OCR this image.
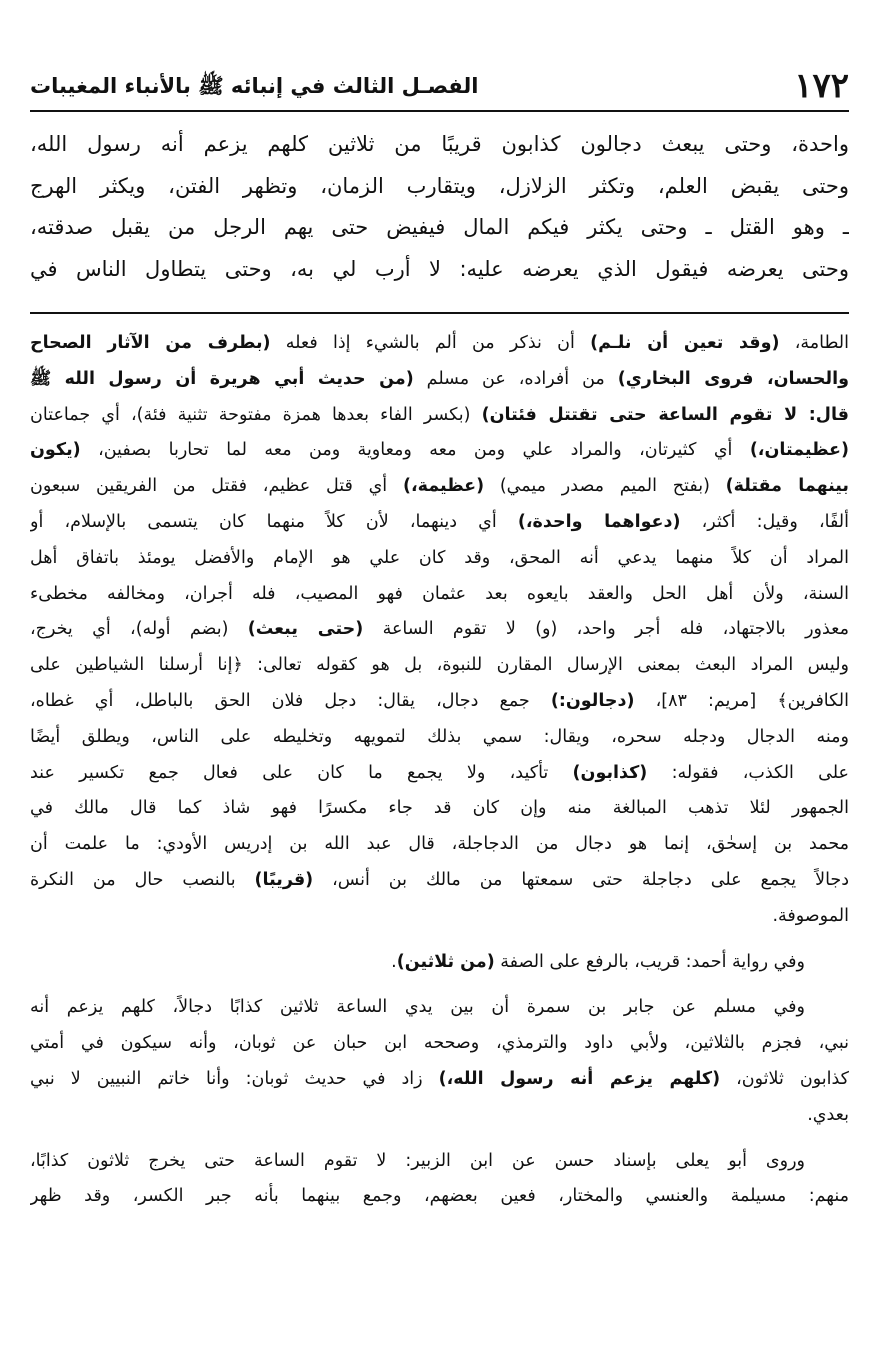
١٧٢
الفصـل الثالث في إنبائه ﷺ بالأنباء المغيبات

واحدة، وحتى يبعث دجالون كذابون قريبًا من ثلاثين كلهم يزعم أنه رسول الله،

وحتى يقبض العلم، وتكثر الزلازل، ويتقارب الزمان، وتظهر الفتن، ويكثر الهرج

ـ وهو القتل ـ وحتى يكثر فيكم المال فيفيض حتى يهم الرجل من يقبل صدقته،

وحتى يعرضه فيقول الذي يعرضه عليه: لا أرب لي به، وحتى يتطاول الناس في

الطامة، (وقد تعين أن نلـم) أن نذكر من ألم بالشيء إذا فعله (بطرف من الآثار الصحاح

والحسان، فروى البخاري) من أفراده، عن مسلم (من حديث أبي هريرة أن رسول الله ﷺ

قال: لا تقوم الساعة حتى تقتتل فئتان) (بكسر الفاء بعدها همزة مفتوحة تثنية فئة)، أي جماعتان

(عظيمتان،) أي كثيرتان، والمراد علي ومن معه ومعاوية ومن معه لما تحاربا بصفين، (يكون

بينهما مقتلة) (بفتح الميم مصدر ميمي) (عظيمة،) أي قتل عظيم، فقتل من الفريقين سبعون

ألفًا، وقيل: أكثر، (دعواهما واحدة،) أي دينهما، لأن كلاً منهما كان يتسمى بالإسلام، أو

المراد أن كلاً منهما يدعي أنه المحق، وقد كان علي هو الإمام والأفضل يومئذ باتفاق أهل

السنة، ولأن أهل الحل والعقد بايعوه بعد عثمان فهو المصيب، فله أجران، ومخالفه مخطىء

معذور بالاجتهاد، فله أجر واحد، (و) لا تقوم الساعة (حتى يبعث) (بضم أوله)، أي يخرج،

وليس المراد البعث بمعنى الإرسال المقارن للنبوة، بل هو كقوله تعالى: ﴿إنا أرسلنا الشياطين على

الكافرين﴾ [مريم: ٨٣]، (دجالون:) جمع دجال، يقال: دجل فلان الحق بالباطل، أي غطاه،

ومنه الدجال ودجله سحره، ويقال: سمي بذلك لتمويهه وتخليطه على الناس، ويطلق أيضًا

على الكذب، فقوله: (كذابون) تأكيد، ولا يجمع ما كان على فعال جمع تكسير عند

الجمهور لئلا تذهب المبالغة منه وإن كان قد جاء مكسرًا فهو شاذ كما قال مالك في

محمد بن إسحٰق، إنما هو دجال من الدجاجلة، قال عبد الله بن إدريس الأودي: ما علمت أن

دجالاً يجمع على دجاجلة حتى سمعتها من مالك بن أنس، (قريبًا) بالنصب حال من النكرة

الموصوفة.

وفي رواية أحمد: قريب، بالرفع على الصفة (من ثلاثين).

وفي مسلم عن جابر بن سمرة أن بين يدي الساعة ثلاثين كذابًا دجالاً، كلهم يزعم أنه

نبي، فجزم بالثلاثين، ولأبي داود والترمذي، وصححه ابن حبان عن ثوبان، وأنه سيكون في أمتي

كذابون ثلاثون، (كلهم يزعم أنه رسول الله،) زاد في حديث ثوبان: وأنا خاتم النبيين لا نبي

بعدي.

وروى أبو يعلى بإسناد حسن عن ابن الزبير: لا تقوم الساعة حتى يخرج ثلاثون كذابًا،

منهم: مسيلمة والعنسي والمختار، فعين بعضهم، وجمع بينهما بأنه جبر الكسر، وقد ظهر
